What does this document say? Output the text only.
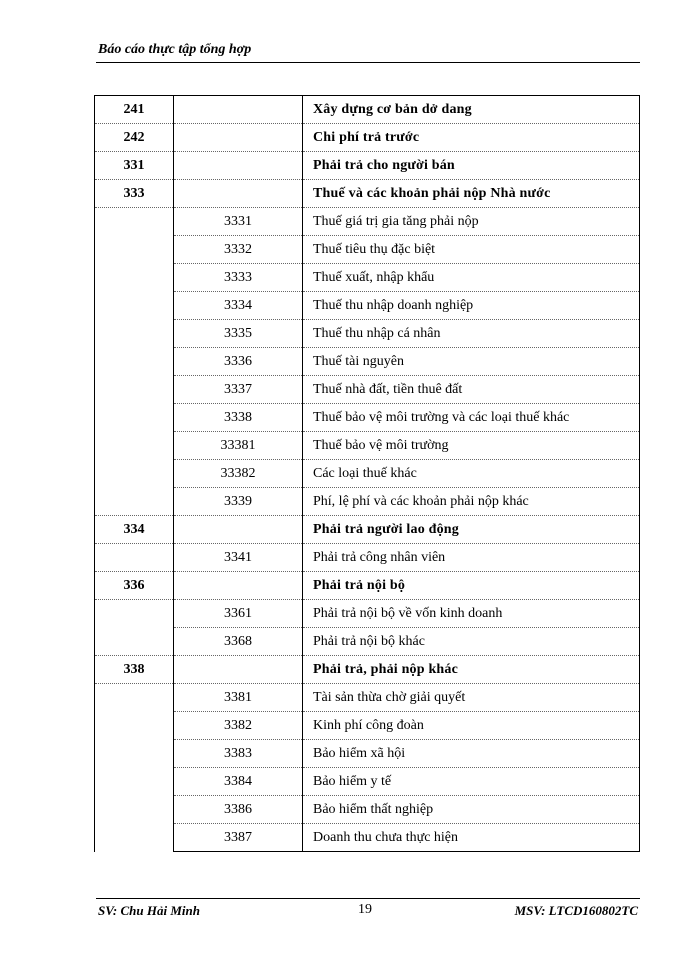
Báo cáo thực tập tổng hợp
241		Xây dựng cơ bản dở dang
242		Chi phí trả trước
331		Phải trả cho người bán
333		Thuế và các khoản phải nộp Nhà nước
	3331	Thuế giá trị gia tăng phải nộp
	3332	Thuế tiêu thụ đặc biệt
	3333	Thuế xuất, nhập khẩu
	3334	Thuế thu nhập doanh nghiệp
	3335	Thuế thu nhập cá nhân
	3336	Thuế tài nguyên
	3337	Thuế nhà đất, tiền thuê đất
	3338	Thuế bảo vệ môi trường và các loại thuế khác
	33381	Thuế bảo vệ môi trường
	33382	Các loại thuế khác
	3339	Phí, lệ phí và các khoản phải nộp khác
334		Phải trả người lao động
	3341	Phải trả công nhân viên
336		Phải trả nội bộ
	3361	Phải trả nội bộ về vốn kinh doanh
	3368	Phải trả nội bộ khác
338		Phải trả, phải nộp khác
	3381	Tài sản thừa chờ giải quyết
	3382	Kinh phí công đoàn
	3383	Bảo hiểm xã hội
	3384	Bảo hiểm y tế
	3386	Bảo hiểm thất nghiệp
	3387	Doanh thu chưa thực hiện
SV: Chu Hải Minh	19	MSV: LTCD160802TC
